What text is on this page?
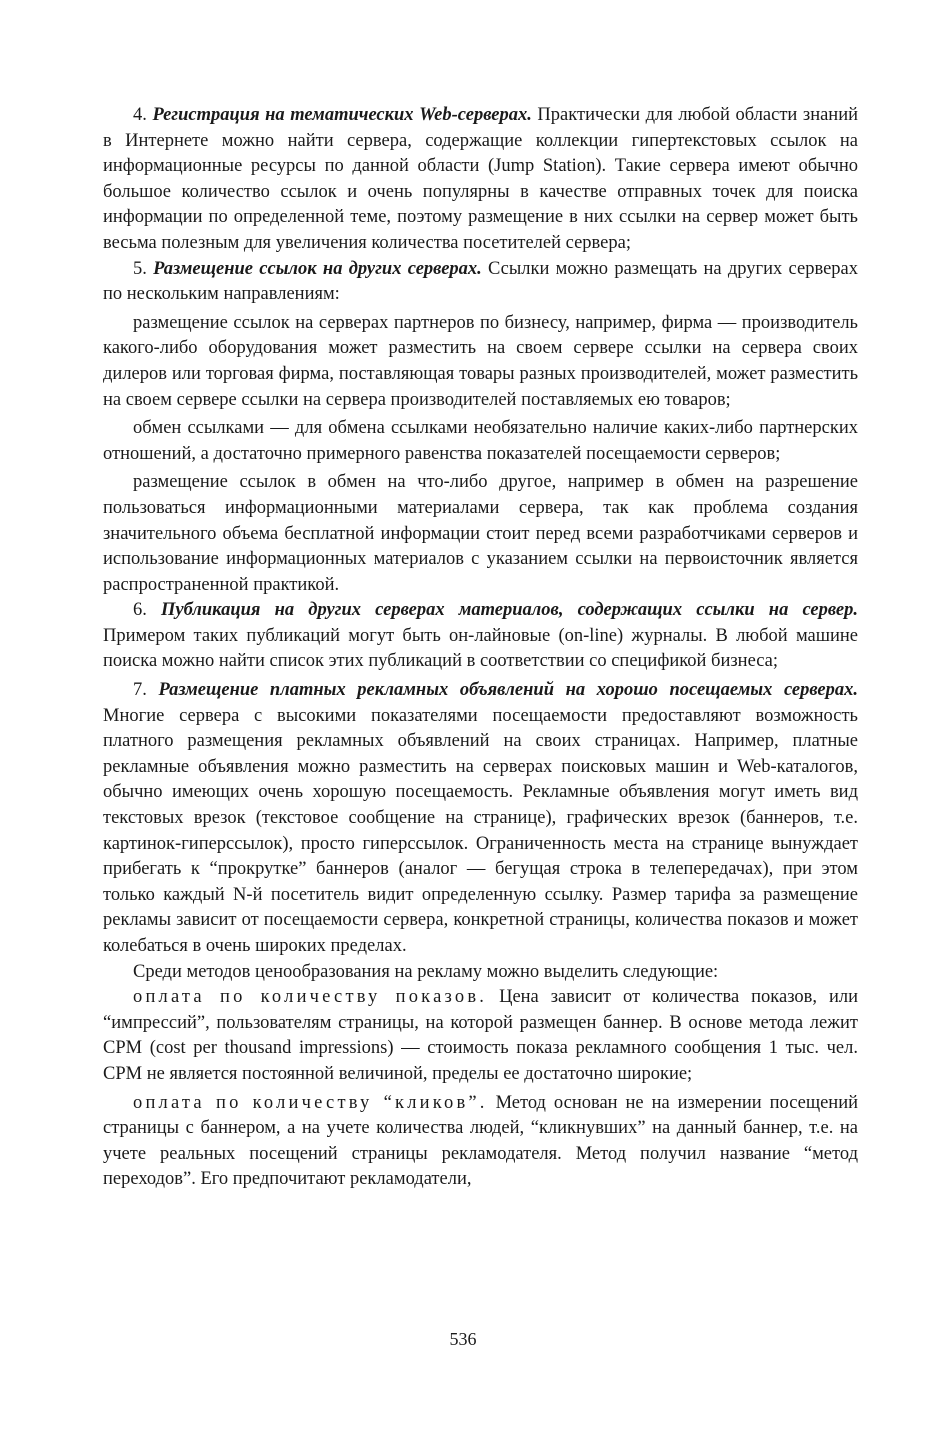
4. Регистрация на тематических Web-серверах. Практически для любой области знаний в Интернете можно найти сервера, содержащие коллекции гипертекстовых ссылок на информационные ресурсы по данной области (Jump Station). Такие сервера имеют обычно большое количество ссылок и очень популярны в качестве отправных точек для поиска информации по определенной теме, поэтому размещение в них ссылки на сервер может быть весьма полезным для увеличения количества посетителей сервера;

5. Размещение ссылок на других серверах. Ссылки можно размещать на других серверах по нескольким направлениям:

размещение ссылок на серверах партнеров по бизнесу, например, фирма — производитель какого-либо оборудования может разместить на своем сервере ссылки на сервера своих дилеров или торговая фирма, поставляющая товары разных производителей, может разместить на своем сервере ссылки на сервера производителей поставляемых ею товаров;

обмен ссылками — для обмена ссылками необязательно наличие каких-либо партнерских отношений, а достаточно примерного равенства показателей посещаемости серверов;

размещение ссылок в обмен на что-либо другое, например в обмен на разрешение пользоваться информационными материалами сервера, так как проблема создания значительного объема бесплатной информации стоит перед всеми разработчиками серверов и использование информационных материалов с указанием ссылки на первоисточник является распространенной практикой.

6. Публикация на других серверах материалов, содержащих ссылки на сервер. Примером таких публикаций могут быть он-лайновые (on-line) журналы. В любой машине поиска можно найти список этих публикаций в соответствии со спецификой бизнеса;

7. Размещение платных рекламных объявлений на хорошо посещаемых серверах. Многие сервера с высокими показателями посещаемости предоставляют возможность платного размещения рекламных объявлений на своих страницах. Например, платные рекламные объявления можно разместить на серверах поисковых машин и Web-каталогов, обычно имеющих очень хорошую посещаемость. Рекламные объявления могут иметь вид текстовых врезок (текстовое сообщение на странице), графических врезок (баннеров, т.е. картинок-гиперссылок), просто гиперссылок. Ограниченность места на странице вынуждает прибегать к “прокрутке” баннеров (аналог — бегущая строка в телепередачах), при этом только каждый N-й посетитель видит определенную ссылку. Размер тарифа за размещение рекламы зависит от посещаемости сервера, конкретной страницы, количества показов и может колебаться в очень широких пределах.

Среди методов ценообразования на рекламу можно выделить следующие:

оплата по количеству показов. Цена зависит от количества показов, или “импрессий”, пользователям страницы, на которой размещен баннер. В основе метода лежит CPM (cost per thousand impressions) — стоимость показа рекламного сообщения 1 тыс. чел. CPM не является постоянной величиной, пределы ее достаточно широкие;

оплата по количеству “кликов”. Метод основан не на измерении посещений страницы с баннером, а на учете количества людей, “кликнувших” на данный баннер, т.е. на учете реальных посещений страницы рекламодателя. Метод получил название “метод переходов”. Его предпочитают рекламодатели,

536
